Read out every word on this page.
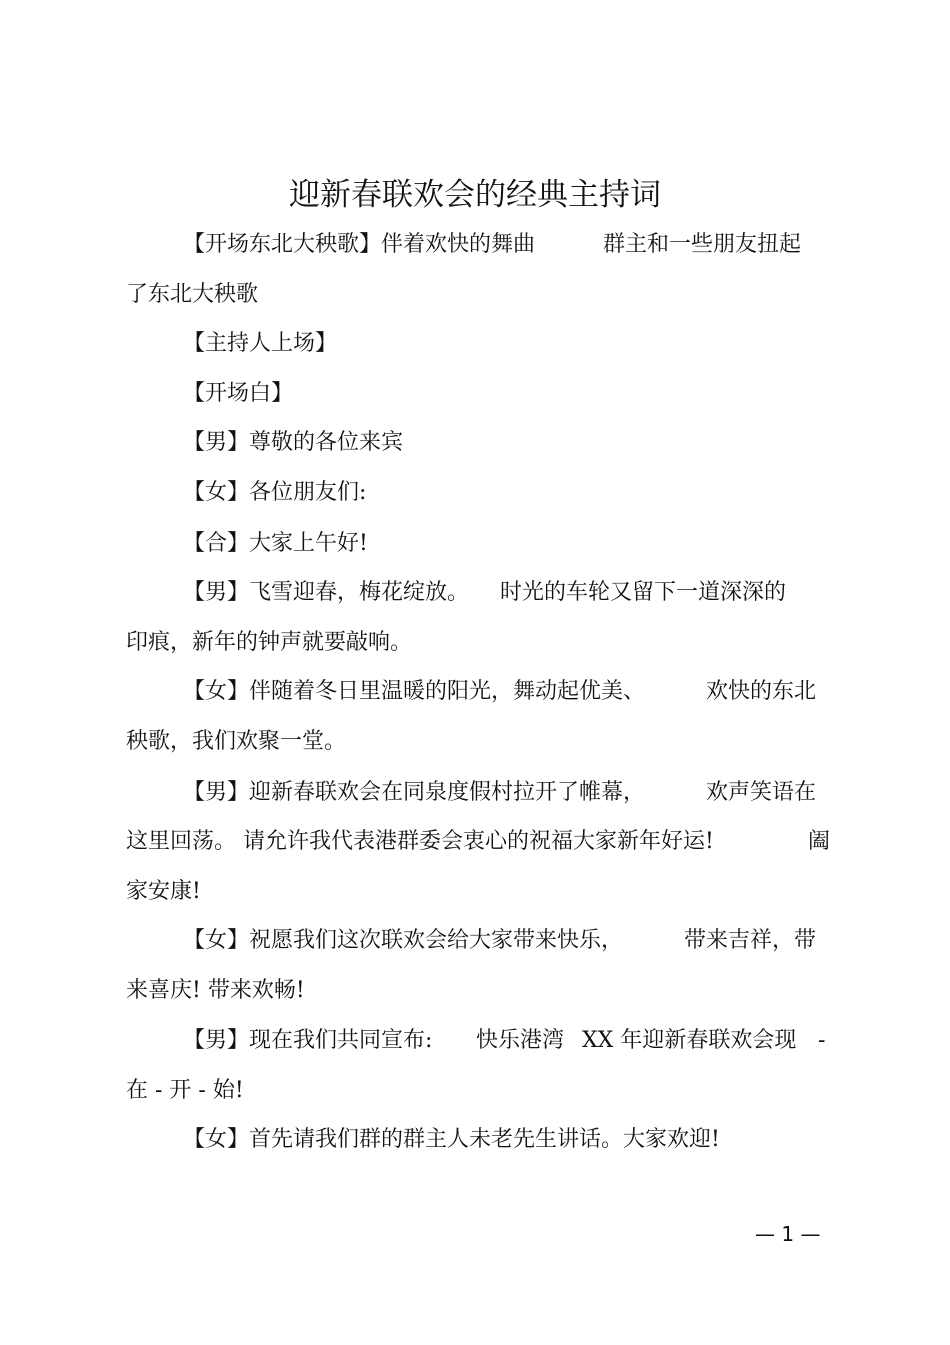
迎新春联欢会的经典主持词

【开场东北大秧歌】伴着欢快的舞曲	群主和一些朋友扭起

了东北大秧歌

【主持人上场】

【开场白】

【男】尊敬的各位来宾

【女】各位朋友们:

【合】大家上午好!

【男】飞雪迎春，梅花绽放。 时光的车轮又留下一道深深的

印痕，新年的钟声就要敲响。

【女】伴随着冬日里温暖的阳光，舞动起优美、	欢快的东北

秧歌，我们欢聚一堂。

【男】迎新春联欢会在同泉度假村拉开了帷幕，	欢声笑语在

这里回荡。 请允许我代表港群委会衷心的祝福大家新年好运!	阖

家安康!

【女】祝愿我们这次联欢会给大家带来快乐，	带来吉祥，带

来喜庆! 带来欢畅!

【男】现在我们共同宣布: 快乐港湾 XX 年迎新春联欢会现 -

在 - 开 - 始!

【女】首先请我们群的群主人未老先生讲话。大家欢迎!

— 1 —
